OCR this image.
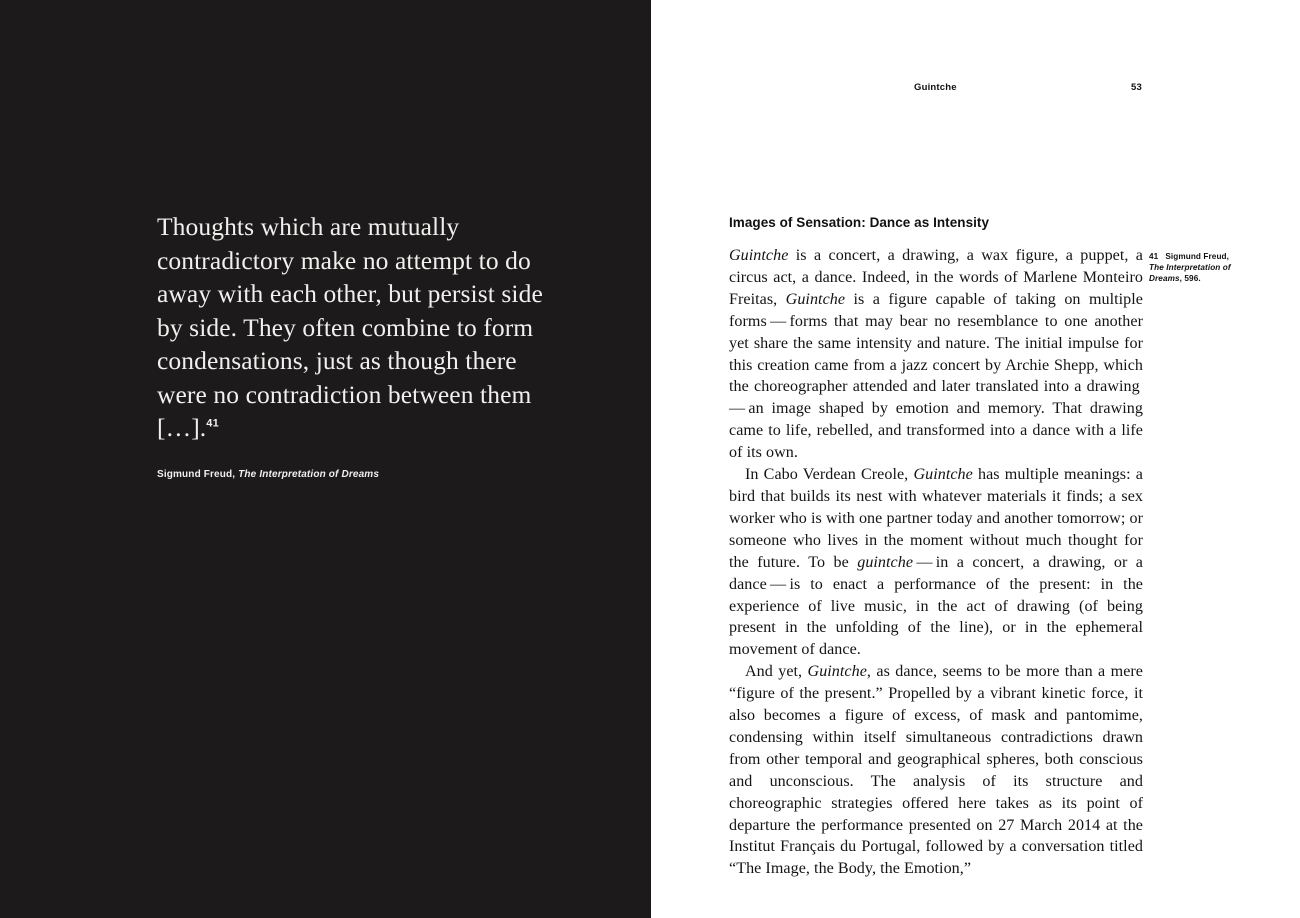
Thoughts which are mutually contradictory make no attempt to do away with each other, but persist side by side. They often combine to form condensations, just as though there were no contradiction between them […].$^{41}$

Sigmund Freud, The Interpretation of Dreams
Guintche	53
Images of Sensation: Dance as Intensity

Guintche is a concert, a drawing, a wax figure, a puppet, a circus act, a dance. Indeed, in the words of Marlene Monteiro Freitas, Guintche is a figure capable of taking on multiple forms — forms that may bear no resemblance to one another yet share the same intensity and nature. The initial impulse for this creation came from a jazz concert by Archie Shepp, which the choreographer attended and later translated into a drawing — an image shaped by emotion and memory. That drawing came to life, rebelled, and transformed into a dance with a life of its own.

In Cabo Verdean Creole, Guintche has multiple meanings: a bird that builds its nest with whatever materials it finds; a sex worker who is with one partner today and another tomorrow; or someone who lives in the moment without much thought for the future. To be guintche — in a concert, a drawing, or a dance — is to enact a performance of the present: in the experience of live music, in the act of drawing (of being present in the unfolding of the line), or in the ephemeral movement of dance.

And yet, Guintche, as dance, seems to be more than a mere “figure of the present.” Propelled by a vibrant kinetic force, it also becomes a figure of excess, of mask and pantomime, condensing within itself simultaneous contradictions drawn from other temporal and geographical spheres, both conscious and unconscious. The analysis of its structure and choreographic strategies offered here takes as its point of departure the performance presented on 27 March 2014 at the Institut Français du Portugal, followed by a conversation titled “The Image, the Body, the Emotion,”

41 Sigmund Freud, The Interpretation of Dreams, 596.
